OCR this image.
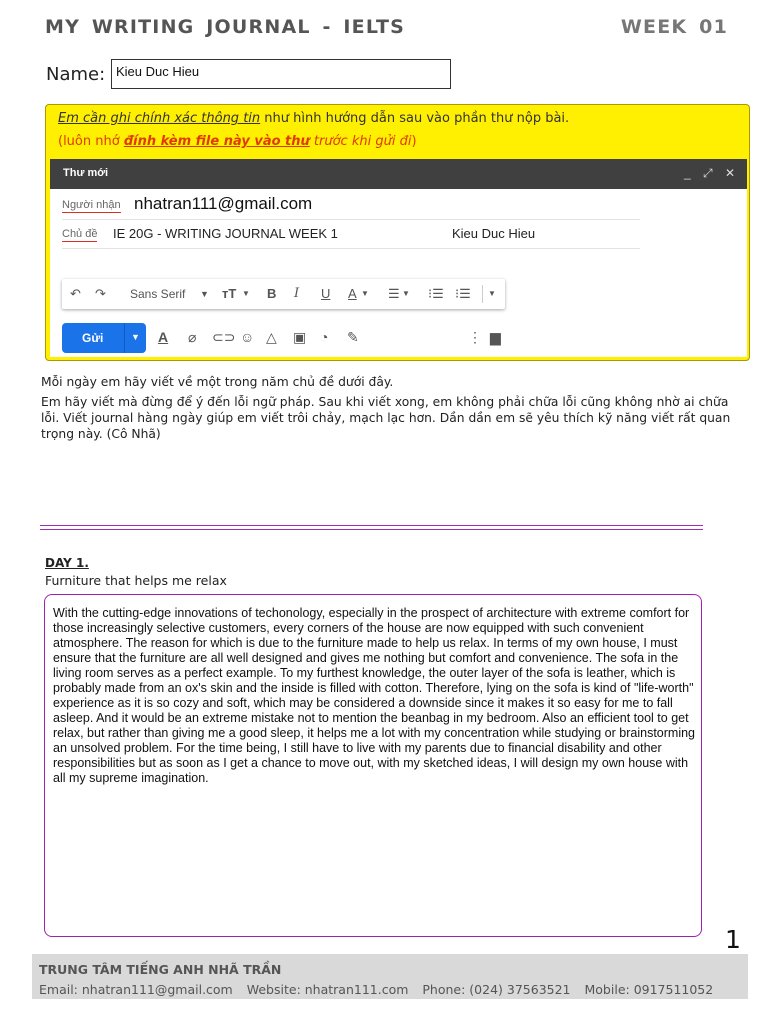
MY WRITING JOURNAL - IELTS	WEEK 01
Name: Kieu Duc Hieu
Em cần ghi chính xác thông tin như hình hướng dẫn sau vào phần thư nộp bài.
(luôn nhớ đính kèm file này vào thư trước khi gửi đi)
Thư mới	_ ⤢ ✕
Người nhận nhatran111@gmail.com
Chủ đề IE 20G - WRITING JOURNAL WEEK 1	Kieu Duc Hieu
↶ ↷ Sans Serif ▼ ᴛT ▼ B I U A ▼ ☰ ▼ ⁝☰ ⁝☰ ▼
Gửi	▼ A ⌀ ⊂⊃ ☺ △ ▣ ◔ ✎	⋮ ▆
Mỗi ngày em hãy viết về một trong năm chủ đề dưới đây.
Em hãy viết mà đừng để ý đến lỗi ngữ pháp. Sau khi viết xong, em không phải chữa lỗi cũng không nhờ ai chữa lỗi. Viết journal hàng ngày giúp em viết trôi chảy, mạch lạc hơn. Dần dần em sẽ yêu thích kỹ năng viết rất quan trọng này. (Cô Nhã)
DAY 1.
Furniture that helps me relax
With the cutting-edge innovations of techonology, especially in the prospect of architecture with extreme comfort for those increasingly selective customers, every corners of the house are now equipped with such convenient atmosphere. The reason for which is due to the furniture made to help us relax. In terms of my own house, I must ensure that the furniture are all well designed and gives me nothing but comfort and convenience. The sofa in the living room serves as a perfect example. To my furthest knowledge, the outer layer of the sofa is leather, which is probably made from an ox's skin and the inside is filled with cotton. Therefore, lying on the sofa is kind of "life-worth" experience as it is so cozy and soft, which may be considered a downside since it makes it so easy for me to fall asleep. And it would be an extreme mistake not to mention the beanbag in my bedroom. Also an efficient tool to get relax, but rather than giving me a good sleep, it helps me a lot with my concentration while studying or brainstorming an unsolved problem. For the time being, I still have to live with my parents due to financial disability and other responsibilities but as soon as I get a chance to move out, with my sketched ideas, I will design my own house with all my supreme imagination.
1
TRUNG TÂM TIẾNG ANH NHÃ TRẦN
Email: nhatran111@gmail.com Website: nhatran111.com Phone: (024) 37563521 Mobile: 0917511052
